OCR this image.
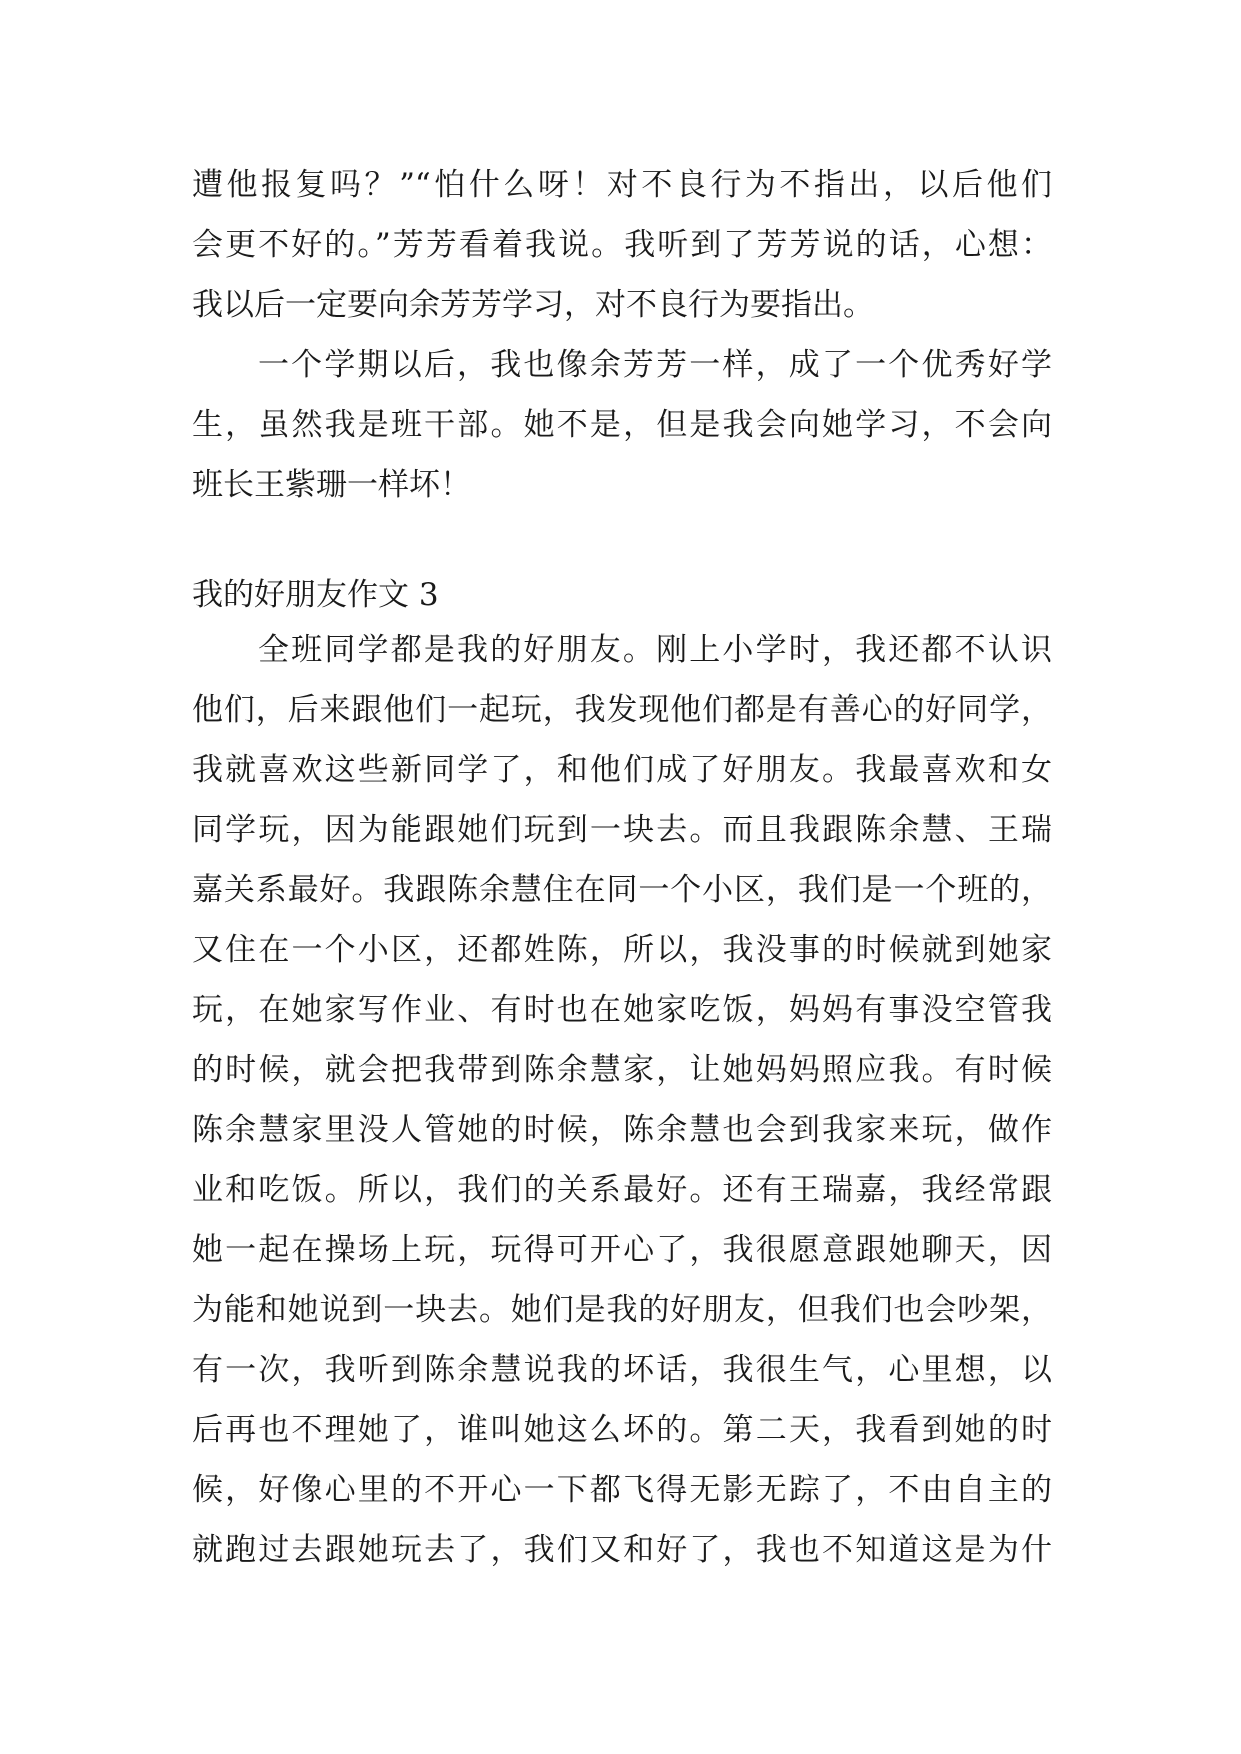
遭他报复吗？”“怕什么呀！对不良行为不指出，以后他们
会更不好的。”芳芳看着我说。我听到了芳芳说的话，心想：
我以后一定要向余芳芳学习，对不良行为要指出。
一个学期以后，我也像余芳芳一样，成了一个优秀好学
生，虽然我是班干部。她不是，但是我会向她学习，不会向
班长王紫珊一样坏！
我的好朋友作文 3
全班同学都是我的好朋友。刚上小学时，我还都不认识
他们，后来跟他们一起玩，我发现他们都是有善心的好同学，
我就喜欢这些新同学了，和他们成了好朋友。我最喜欢和女
同学玩，因为能跟她们玩到一块去。而且我跟陈余慧、王瑞
嘉关系最好。我跟陈余慧住在同一个小区，我们是一个班的，
又住在一个小区，还都姓陈，所以，我没事的时候就到她家
玩，在她家写作业、有时也在她家吃饭，妈妈有事没空管我
的时候，就会把我带到陈余慧家，让她妈妈照应我。有时候
陈余慧家里没人管她的时候，陈余慧也会到我家来玩，做作
业和吃饭。所以，我们的关系最好。还有王瑞嘉，我经常跟
她一起在操场上玩，玩得可开心了，我很愿意跟她聊天，因
为能和她说到一块去。她们是我的好朋友，但我们也会吵架，
有一次，我听到陈余慧说我的坏话，我很生气，心里想，以
后再也不理她了，谁叫她这么坏的。第二天，我看到她的时
候，好像心里的不开心一下都飞得无影无踪了，不由自主的
就跑过去跟她玩去了，我们又和好了，我也不知道这是为什
